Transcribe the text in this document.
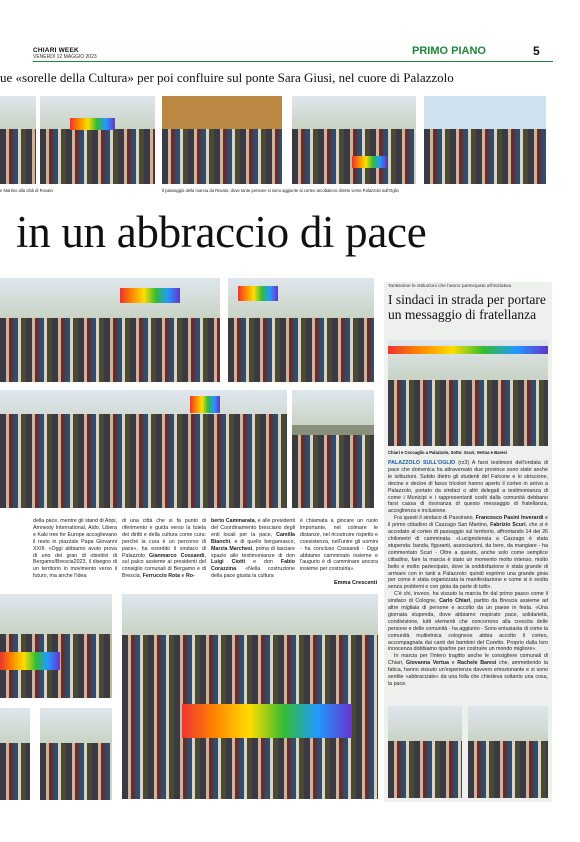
CHIARI WEEK
VENERDÌ 12 MAGGIO 2023	PRIMO PIANO	5
ue «sorelle della Cultura» per poi confluire sul ponte Sara Giusi, nel cuore di Palazzolo
e Martino alla città di Rovato	Il passaggio della marcia da Rovato, dove tante persone si sono aggiunte al corteo arcobaleno diretto verso Palazzolo sull'Oglio
in un abbraccio di pace
della pace, mentre gli stand di Anpi, Amnesty International, Aido, Libera e Kaki tree for Europe accoglievano il resto in piazzale Papa Giovanni XXIII. «Oggi abbiamo avuto prova di uno dei gran di obiettivi di Bergamo/Brescia2023, il disegno di un territorio in movimento verso il futuro, ma anche l'idea
di una città che si fa punto di riferimento e guida verso la tutela dei diritti e della cultura come cura: perché la cura è un percorso di pace», ha esordito il sindaco di Palazzolo Gianmarco Cossandi, sul palco assieme ai presidenti del consiglio comunali di Bergamo e di Brescia, Ferruccio Rota e Ro-
berto Cammarata, e alle presidenti del Coordinamento bresciano degli enti locali per la pace, Camilla Bianchi, e di quello bergamasco, Marzia Marchesi, prima di lasciare spazio alle testimonianze di don Luigi Ciotti e don Fabio Corazzina. «Nella costruzione della pace giusta la cultura
è chiamata a giocare un ruolo importante, nel colmare le distanze, nel ricostruire rispetto e coesistenza, nell'unire gli uomini - ha concluso Cossandi - Oggi abbiamo camminato insieme e l'augurio è di camminare ancora insieme per costruirla».
Emma Crescenti
Tantissime le istituzioni che hanno partecipato all'iniziativa
I sindaci in strada per portare un messaggio di fratellanza
Chiari e Coccaglio a Palazzolo, Sotto: Scurí, Vertua e Baresi
PALAZZOLO SULL'OGLIO (rz3) A farsi testimoni dell'ondata di pace che domenica ha attraversato due province sono state anche le istituzioni. Subito dietro gli studenti del Falcone e lo striscione, decine e decine di fasce tricolori hanno aperto il corteo in arrivo a Palazzolo, portato da sindaci o altri delegati a testimonianza di come i Municipi e i rappresentanti scelti dalla comunità debbano farsi cassa di risonanza di questo messaggio di fratellanza, accoglienza e inclusione.
Fra questi il sindaco di Passirano, Francesco Pasini Inverardi e il primo cittadino di Cazzago San Martino, Fabrizio Scuri, che si è accodato al corteo di passaggio sul territorio, affrontando 14 dei 26 chilometri di camminata. «Lucignolensia a Cazzago è stata stupenda: banda, figuranti, associazioni, da bere, da mangiare - ha commentato Scuri - Oltre a questo, anche solo come semplice cittadino, fare la marcia è stato un momento molto intenso, molto bello e molto partecipato, dove la soddisfazione è stata grande di arrivare con in tanti a Palazzolo: quindi esprimo una grande gioia per come è stata organizzata la manifestazione e come si è svolta senza problemi e con gioia da parte di tutti».
C'è chi, invece, ha vissuto la marcia fin dal primo passo come il sindaco di Cologne, Carlo Chiari, partito da Brescia assieme ad altre migliaia di persone e accolto da un paese in festa. «Una giornata stupenda, dove abbiamo respirato pace, solidarietà, condivisione, tutti elementi che concorrono alla crescita delle persone e delle comunità - ha aggiunto - Sono entusiasta di come la comunità multietnica colognese abbia accolto il corteo, accompagnata dai canti dei bambini del Coretto. Proprio dalla loro innocenza dobbiamo ripartire per costruire un mondo migliore».
In marcia per l'intero tragitto anche le consigliere comunali di Chiari, Giovanna Vertua e Rachele Baresi che, ammettendo la fatica, hanno vissuto un'esperienza davvero emozionante e si sono sentite «abbracciate» da una folla che chiedeva soltanto una cosa, la pace.
